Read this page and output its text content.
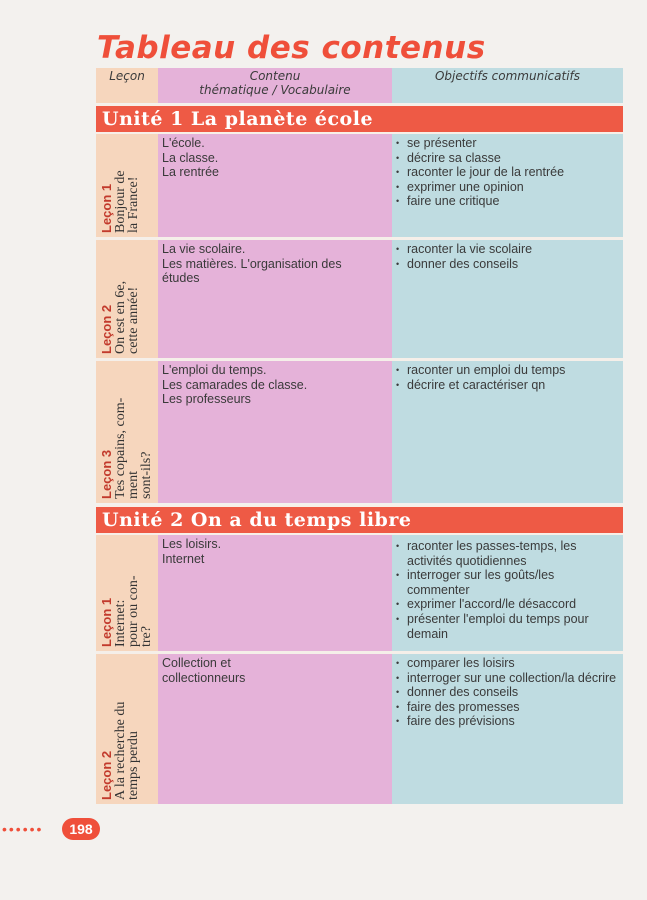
Tableau des contenus
Leçon	Contenu
thématique / Vocabulaire
Objectifs communicatifs
Unité 1 La planète école
Leçon 1 Bonjour de
la France!
L'école.
La classe.
La rentrée
• se présenter
• décrire sa classe
• raconter le jour de la rentrée
• exprimer une opinion
• faire une critique
Leçon 2 On est en 6e,
cette année!
La vie scolaire.
Les matières. L'organisation des
études
• raconter la vie scolaire
• donner des conseils
Leçon 3 Tes copains, com-
ment
sont-ils?
L'emploi du temps.
Les camarades de classe.
Les professeurs
• raconter un emploi du temps
• décrire et caractériser qn
Unité 2 On a du temps libre
Leçon 1 Internet:
pour ou con-
tre?
Les loisirs.
Internet
• raconter les passes-temps, les activités quotidiennes
• interroger sur les goûts/les commenter
• exprimer l'accord/le désaccord
• présenter l'emploi du temps pour demain
Leçon 2 A la recherche du
temps perdu
Collection et
collectionneurs
• comparer les loisirs
• interroger sur une collection/la décrire
• donner des conseils
• faire des promesses
• faire des prévisions
••••••	198
